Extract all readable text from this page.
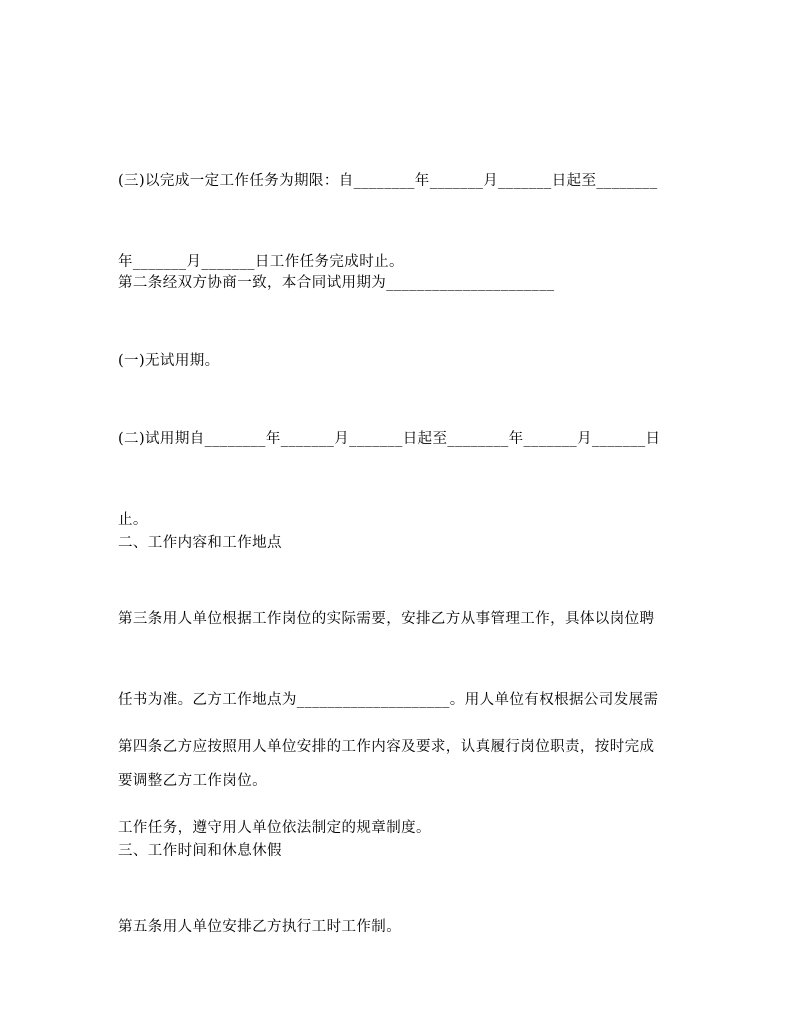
(三)以完成一定工作任务为期限：自________年_______月_______日起至________

年_______月_______日工作任务完成时止。

第二条经双方协商一致，本合同试用期为______________________

(一)无试用期。

(二)试用期自________年_______月_______日起至________年_______月_______日

止。

二、工作内容和工作地点

第三条用人单位根据工作岗位的实际需要，安排乙方从事管理工作，具体以岗位聘

任书为准。乙方工作地点为____________________。用人单位有权根据公司发展需

要调整乙方工作岗位。

第四条乙方应按照用人单位安排的工作内容及要求，认真履行岗位职责，按时完成

工作任务，遵守用人单位依法制定的规章制度。

三、工作时间和休息休假

第五条用人单位安排乙方执行工时工作制。
